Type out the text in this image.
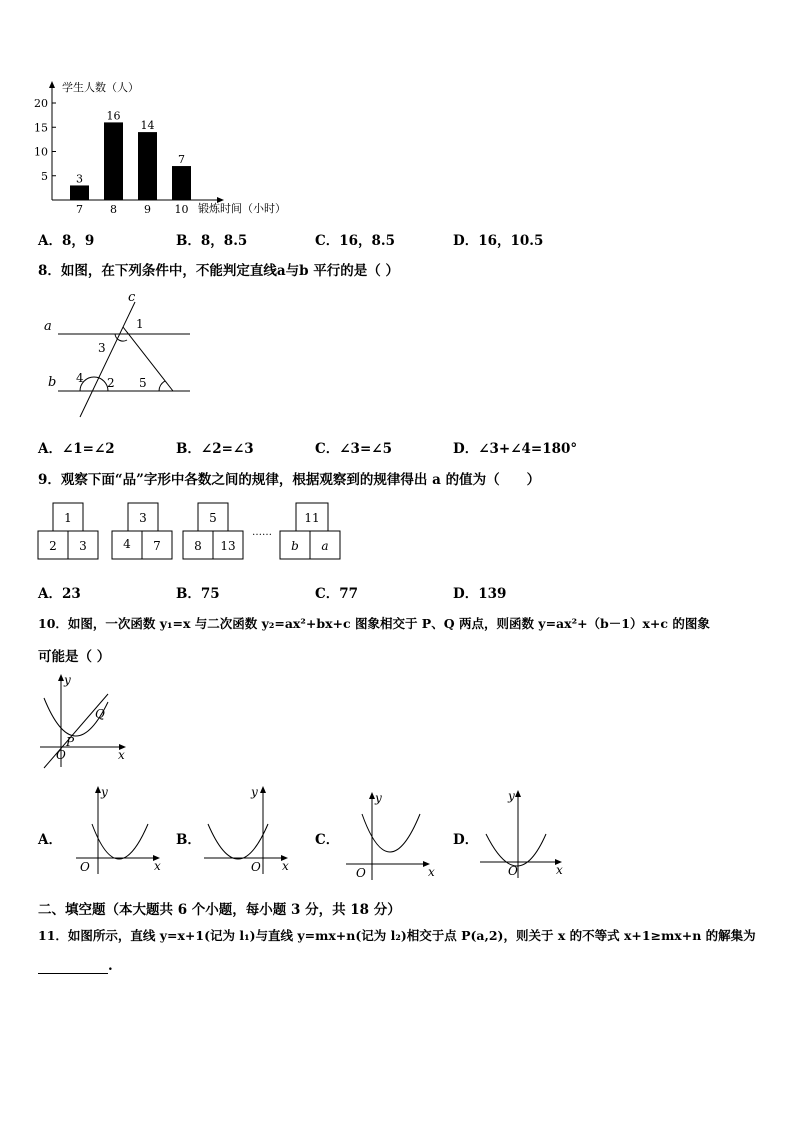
学生人数（人）
锻炼时间（小时）
5
10
15
20
3
7
16
8
14
9
7
10
A．8，9	B．8，8.5	C．16，8.5	D．16，10.5
8．如图，在下列条件中，不能判定直线a与b 平行的是（ ）
a
b
c
1
2
3
4	5
A．∠1=∠2	B．∠2=∠3	C．∠3=∠5	D．∠3+∠4=180°
9．观察下面“品”字形中各数之间的规律，根据观察到的规律得出 a 的值为（　　）
1
2 3
3
4 7
5
8 13
……
11
b a
A．23	B．75	C．77	D．139
10．如图，一次函数 y₁=x 与二次函数 y₂=ax²+bx+c 图象相交于 P、Q 两点，则函数 y=ax²+（b－1）x+c 的图象
可能是（ ）
y
x
O
P
Q
A．
y
O	x
B．
y
O x
C．
y
O	x
D．
y
O	x
二、填空题（本大题共 6 个小题，每小题 3 分，共 18 分）
11．如图所示，直线 y=x+1(记为 l₁)与直线 y=mx+n(记为 l₂)相交于点 P(a,2)，则关于 x 的不等式 x+1≥mx+n 的解集为
.
